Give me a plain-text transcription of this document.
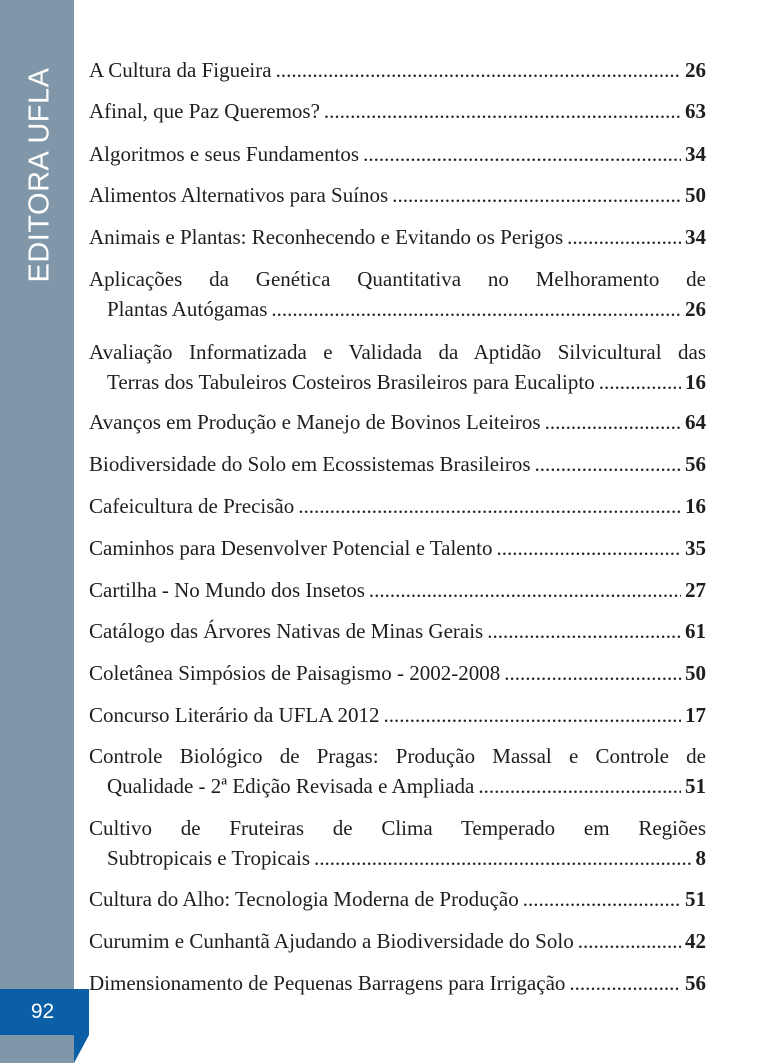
EDITORA UFLA
92
A Cultura da Figueira .....	26
Afinal, que Paz Queremos? .....	63
Algoritmos e seus Fundamentos .....	34
Alimentos Alternativos para Suínos .....	50
Animais e Plantas: Reconhecendo e Evitando os Perigos .....	34
Aplicações da Genética Quantitativa no Melhoramento de
Plantas Autógamas .....	26
Avaliação Informatizada e Validada da Aptidão Silvicultural das
Terras dos Tabuleiros Costeiros Brasileiros para Eucalipto .....	16
Avanços em Produção e Manejo de Bovinos Leiteiros .....	64
Biodiversidade do Solo em Ecossistemas Brasileiros .....	56
Cafeicultura de Precisão .....	16
Caminhos para Desenvolver Potencial e Talento .....	35
Cartilha - No Mundo dos Insetos .....	27
Catálogo das Árvores Nativas de Minas Gerais .....	61
Coletânea Simpósios de Paisagismo - 2002-2008 .....	50
Concurso Literário da UFLA 2012 .....	17
Controle Biológico de Pragas: Produção Massal e Controle de
Qualidade - 2ª Edição Revisada e Ampliada .....	51
Cultivo de Fruteiras de Clima Temperado em Regiões
Subtropicais e Tropicais .....	8
Cultura do Alho: Tecnologia Moderna de Produção .....	51
Curumim e Cunhantã Ajudando a Biodiversidade do Solo .....	42
Dimensionamento de Pequenas Barragens para Irrigação .....	56
